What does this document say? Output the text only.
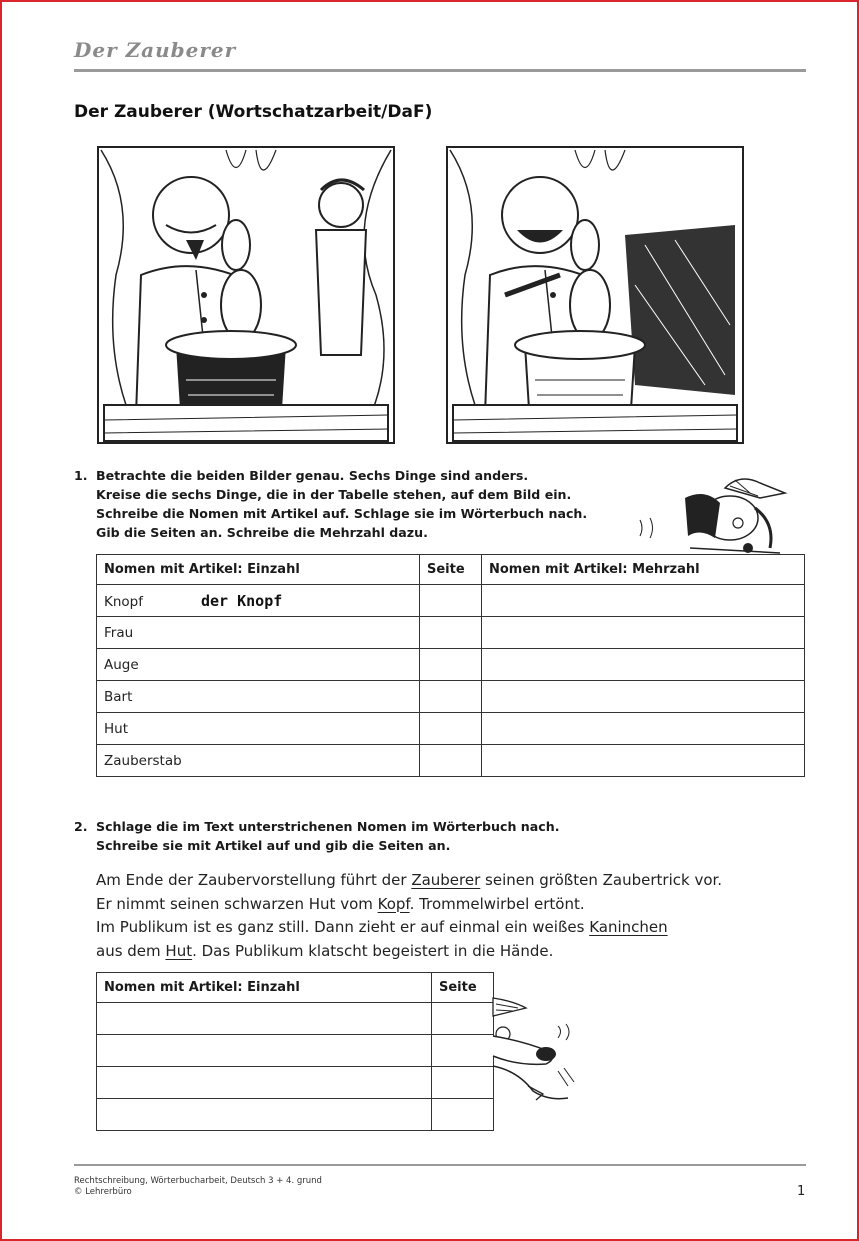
Der Zauberer
Der Zauberer (Wortschatzarbeit/DaF)
1. Betrachte die beiden Bilder genau. Sechs Dinge sind anders.
Kreise die sechs Dinge, die in der Tabelle stehen, auf dem Bild ein.
Schreibe die Nomen mit Artikel auf. Schlage sie im Wörterbuch nach.
Gib die Seiten an. Schreibe die Mehrzahl dazu.
Nomen mit Artikel: Einzahl	Seite	Nomen mit Artikel: Mehrzahl
Knopf der Knopf		
Frau		
Auge		
Bart		
Hut		
Zauberstab		
2. Schlage die im Text unterstrichenen Nomen im Wörterbuch nach.
Schreibe sie mit Artikel auf und gib die Seiten an.
Am Ende der Zaubervorstellung führt der Zauberer seinen größten Zaubertrick vor.
Er nimmt seinen schwarzen Hut vom Kopf. Trommelwirbel ertönt.
Im Publikum ist es ganz still. Dann zieht er auf einmal ein weißes Kaninchen
aus dem Hut. Das Publikum klatscht begeistert in die Hände.
Nomen mit Artikel: Einzahl	Seite

Rechtschreibung, Wörterbucharbeit, Deutsch 3 + 4. grund
© Lehrerbüro	1
